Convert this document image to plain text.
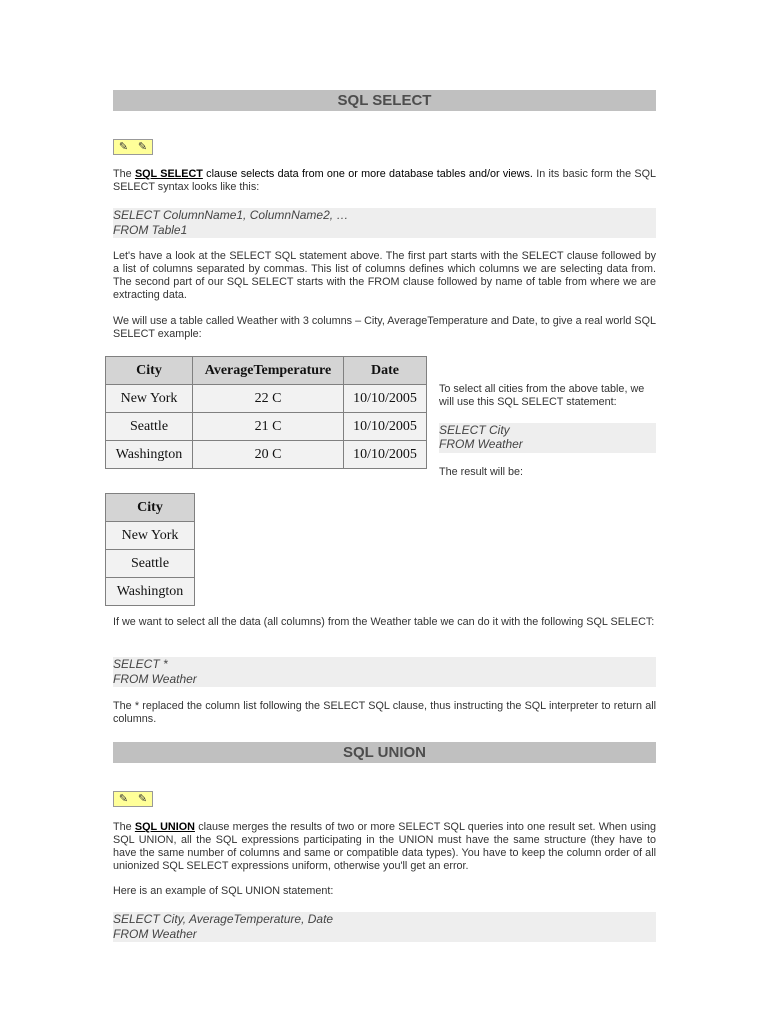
SQL SELECT
✎ ✎
The SQL SELECT clause selects data from one or more database tables and/or views. In its basic form the SQL SELECT syntax looks like this:
SELECT ColumnName1, ColumnName2, …
FROM Table1
Let's have a look at the SELECT SQL statement above. The first part starts with the SELECT clause followed by a list of columns separated by commas. This list of columns defines which columns we are selecting data from. The second part of our SQL SELECT starts with the FROM clause followed by name of table from where we are extracting data.
We will use a table called Weather with 3 columns – City, AverageTemperature and Date, to give a real world SQL SELECT example:
City	AverageTemperature	Date
New York	22 C	10/10/2005
Seattle	21 C	10/10/2005
Washington	20 C	10/10/2005
To select all cities from the above table, we will use this SQL SELECT statement:
SELECT City
FROM Weather
The result will be:
City
New York
Seattle
Washington
If we want to select all the data (all columns) from the Weather table we can do it with the following SQL SELECT:
SELECT *
FROM Weather
The * replaced the column list following the SELECT SQL clause, thus instructing the SQL interpreter to return all columns.
SQL UNION
✎ ✎
The SQL UNION clause merges the results of two or more SELECT SQL queries into one result set. When using SQL UNION, all the SQL expressions participating in the UNION must have the same structure (they have to have the same number of columns and same or compatible data types). You have to keep the column order of all unionized SQL SELECT expressions uniform, otherwise you'll get an error.
Here is an example of SQL UNION statement:
SELECT City, AverageTemperature, Date
FROM Weather
